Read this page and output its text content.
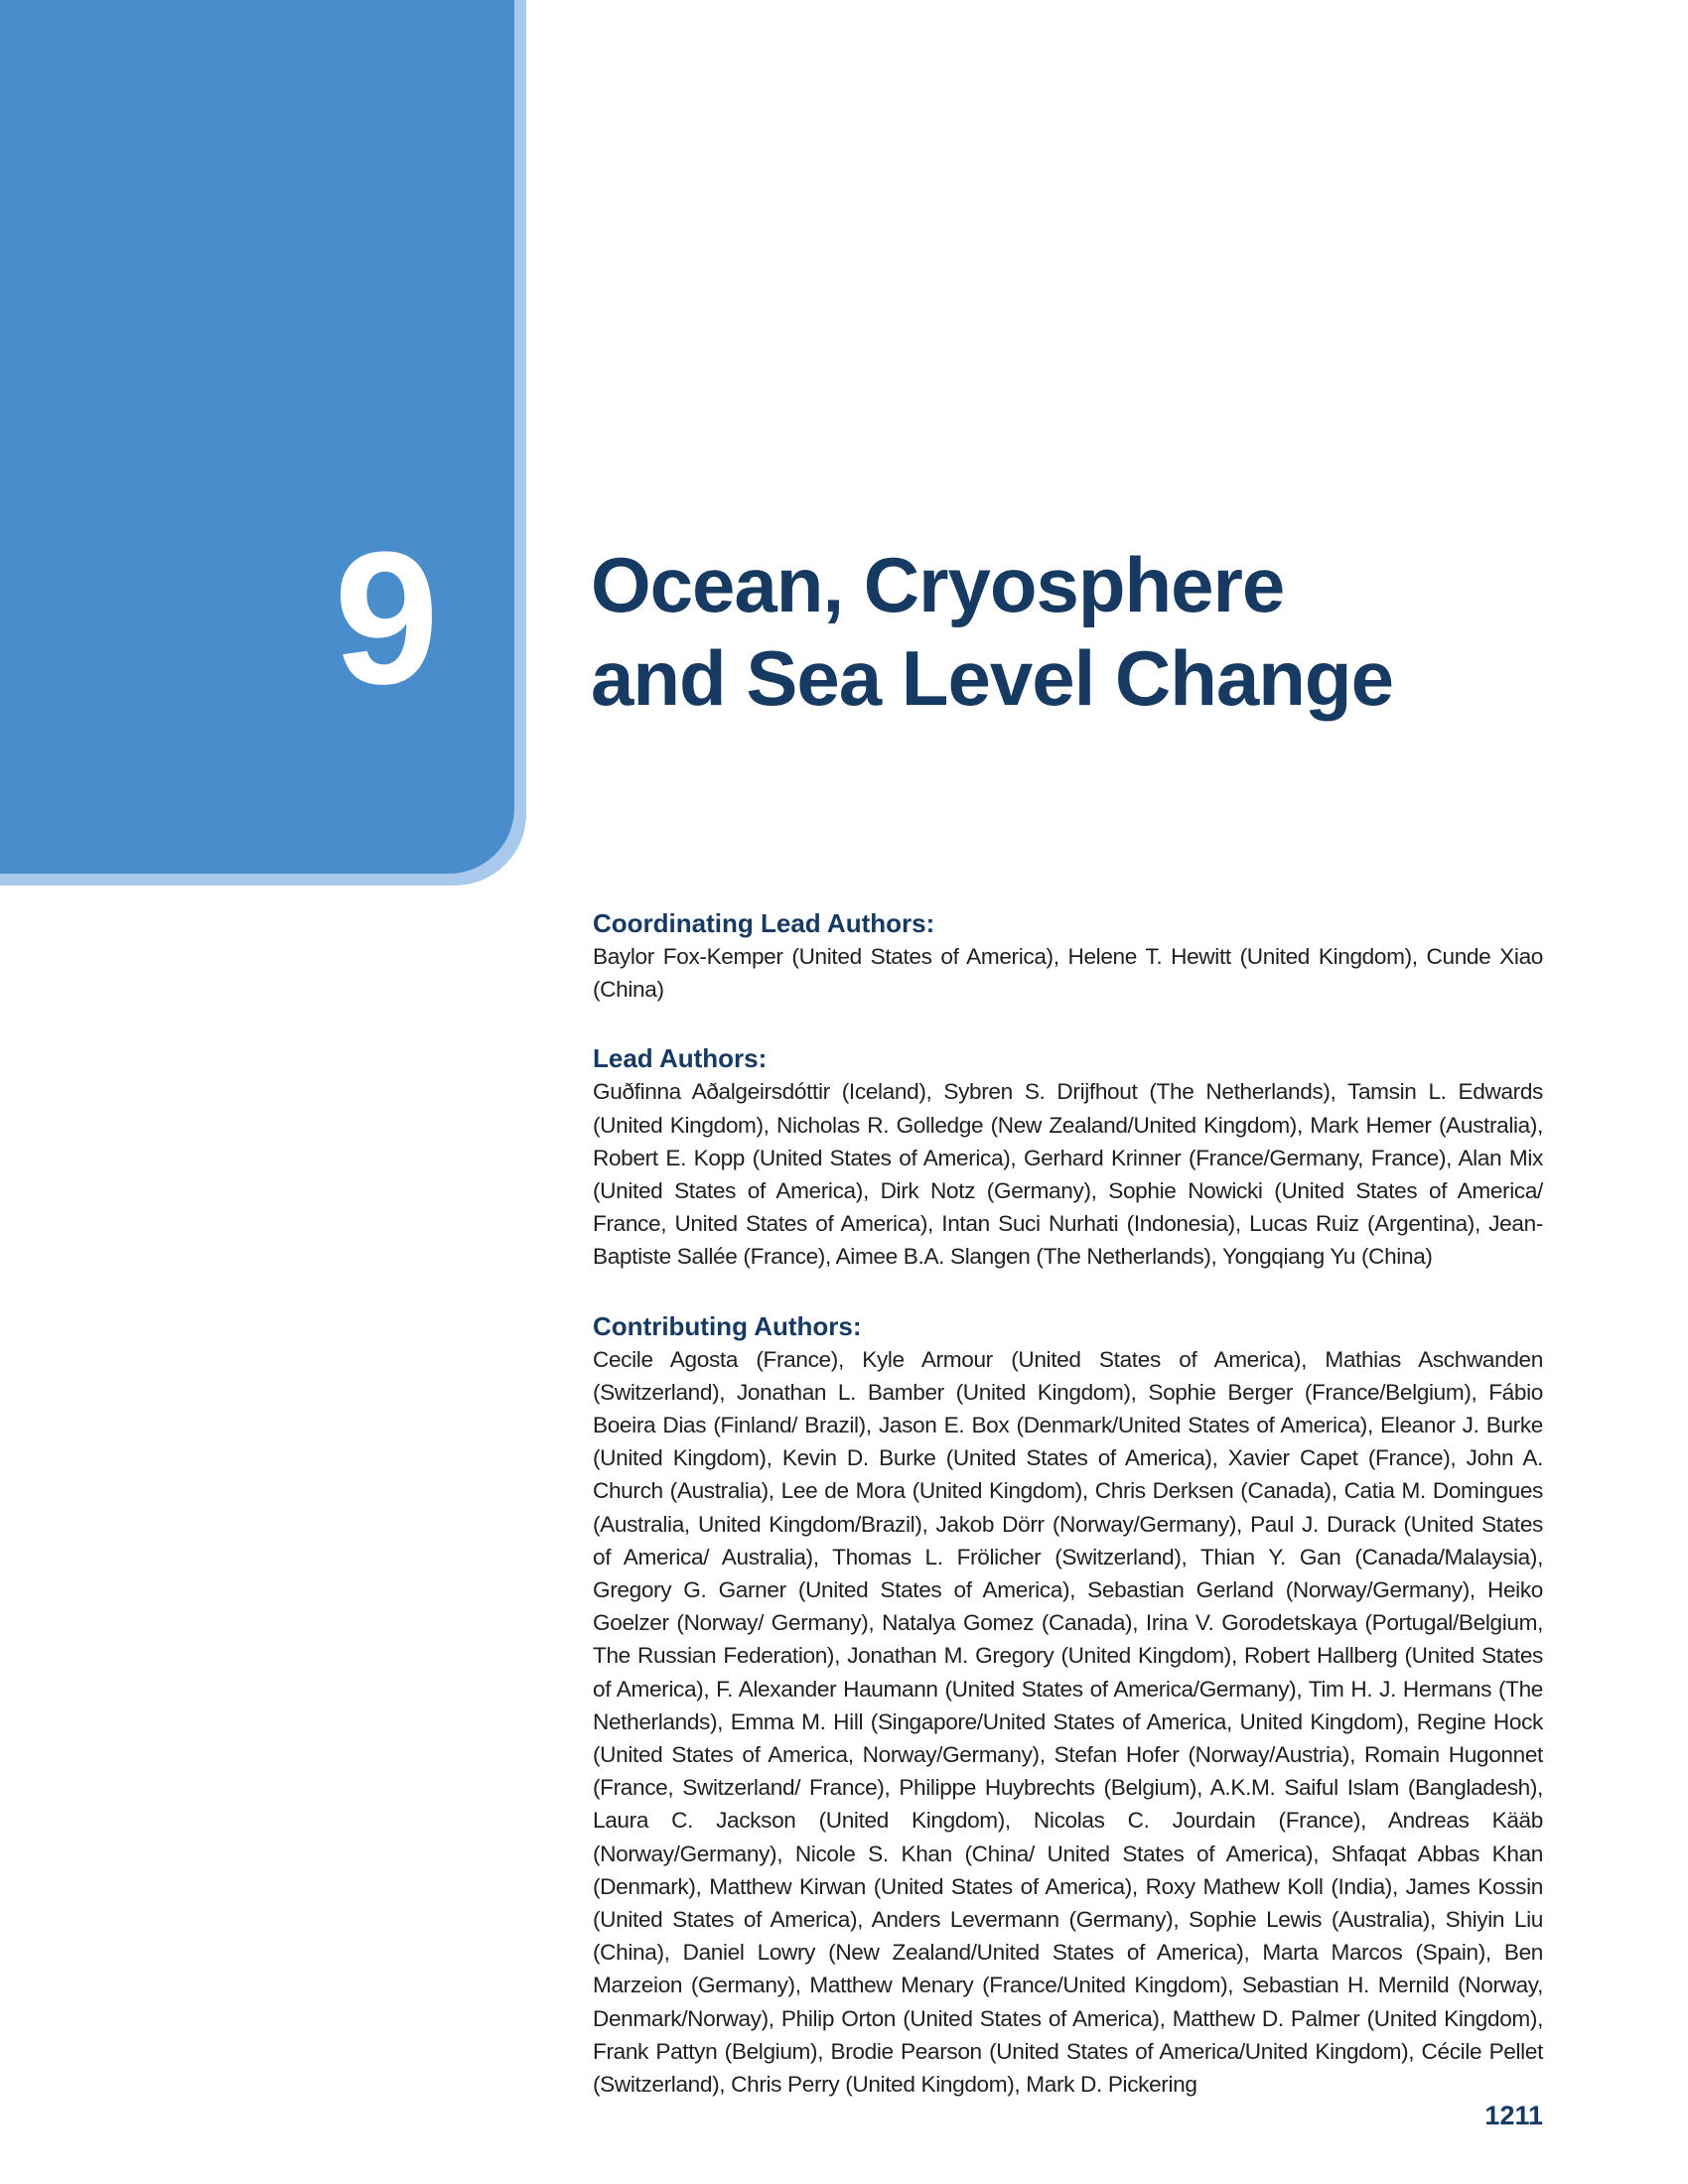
9 Ocean, Cryosphere
and Sea Level Change
Coordinating Lead Authors:

Baylor Fox-Kemper (United States of America), Helene T. Hewitt (United Kingdom), Cunde Xiao (China)

Lead Authors:

Guðfinna Aðalgeirsdóttir (Iceland), Sybren S. Drijfhout (The Netherlands), Tamsin L. Edwards (United Kingdom), Nicholas R. Golledge (New Zealand/United Kingdom), Mark Hemer (Australia), Robert E. Kopp (United States of America), Gerhard Krinner (France/Germany, France), Alan Mix (United States of America), Dirk Notz (Germany), Sophie Nowicki (United States of America/ France, United States of America), Intan Suci Nurhati (Indonesia), Lucas Ruiz (Argentina), Jean-Baptiste Sallée (France), Aimee B.A. Slangen (The Netherlands), Yongqiang Yu (China)

Contributing Authors:

Cecile Agosta (France), Kyle Armour (United States of America), Mathias Aschwanden (Switzerland), Jonathan L. Bamber (United Kingdom), Sophie Berger (France/Belgium), Fábio Boeira Dias (Finland/ Brazil), Jason E. Box (Denmark/United States of America), Eleanor J. Burke (United Kingdom), Kevin D. Burke (United States of America), Xavier Capet (France), John A. Church (Australia), Lee de Mora (United Kingdom), Chris Derksen (Canada), Catia M. Domingues (Australia, United Kingdom/Brazil), Jakob Dörr (Norway/Germany), Paul J. Durack (United States of America/ Australia), Thomas L. Frölicher (Switzerland), Thian Y. Gan (Canada/Malaysia), Gregory G. Garner (United States of America), Sebastian Gerland (Norway/Germany), Heiko Goelzer (Norway/ Germany), Natalya Gomez (Canada), Irina V. Gorodetskaya (Portugal/Belgium, The Russian Federation), Jonathan M. Gregory (United Kingdom), Robert Hallberg (United States of America), F. Alexander Haumann (United States of America/Germany), Tim H. J. Hermans (The Netherlands), Emma M. Hill (Singapore/United States of America, United Kingdom), Regine Hock (United States of America, Norway/Germany), Stefan Hofer (Norway/Austria), Romain Hugonnet (France, Switzerland/ France), Philippe Huybrechts (Belgium), A.K.M. Saiful Islam (Bangladesh), Laura C. Jackson (United Kingdom), Nicolas C. Jourdain (France), Andreas Kääb (Norway/Germany), Nicole S. Khan (China/ United States of America), Shfaqat Abbas Khan (Denmark), Matthew Kirwan (United States of America), Roxy Mathew Koll (India), James Kossin (United States of America), Anders Levermann (Germany), Sophie Lewis (Australia), Shiyin Liu (China), Daniel Lowry (New Zealand/United States of America), Marta Marcos (Spain), Ben Marzeion (Germany), Matthew Menary (France/United Kingdom), Sebastian H. Mernild (Norway, Denmark/Norway), Philip Orton (United States of America), Matthew D. Palmer (United Kingdom), Frank Pattyn (Belgium), Brodie Pearson (United States of America/United Kingdom), Cécile Pellet (Switzerland), Chris Perry (United Kingdom), Mark D. Pickering

1211
